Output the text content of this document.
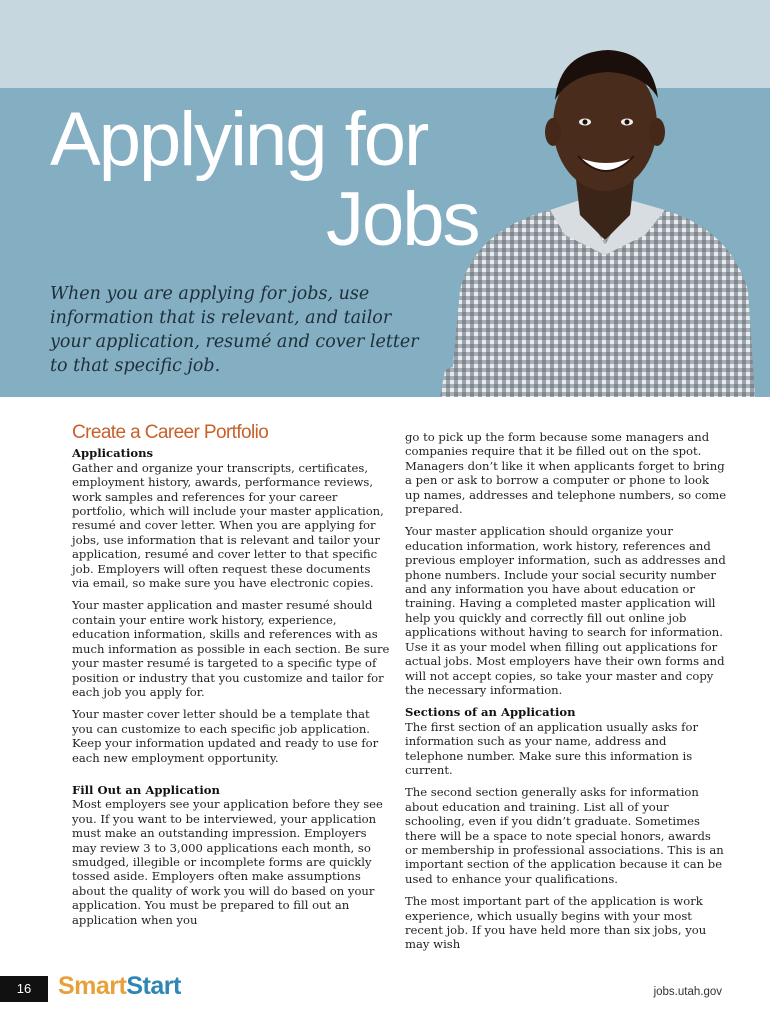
Applying for
Jobs
When you are applying for jobs, use information that is relevant, and tailor your application, resumé and cover letter to that specific job.
Create a Career Portfolio
Applications

Gather and organize your transcripts, certificates, employment history, awards, performance reviews, work samples and references for your career portfolio, which will include your master application, resumé and cover letter. When you are applying for jobs, use information that is relevant and tailor your application, resumé and cover letter to that specific job. Employers will often request these documents via email, so make sure you have electronic copies.

Your master application and master resumé should contain your entire work history, experience, education information, skills and references with as much information as possible in each section. Be sure your master resumé is targeted to a specific type of position or industry that you customize and tailor for each job you apply for.

Your master cover letter should be a template that you can customize to each specific job application. Keep your information updated and ready to use for each new employment opportunity.

Fill Out an Application

Most employers see your application before they see you. If you want to be interviewed, your application must make an outstanding impression. Employers may review 3 to 3,000 applications each month, so smudged, illegible or incomplete forms are quickly tossed aside. Employers often make assumptions about the quality of work you will do based on your application. You must be prepared to fill out an application when you

go to pick up the form because some managers and companies require that it be filled out on the spot. Managers don’t like it when applicants forget to bring a pen or ask to borrow a computer or phone to look up names, addresses and telephone numbers, so come prepared.

Your master application should organize your education information, work history, references and previous employer information, such as addresses and phone numbers. Include your social security number and any information you have about education or training. Having a completed master application will help you quickly and correctly fill out online job applications without having to search for information. Use it as your model when filling out applications for actual jobs. Most employers have their own forms and will not accept copies, so take your master and copy the necessary information.

Sections of an Application

The first section of an application usually asks for information such as your name, address and telephone number. Make sure this information is current.

The second section generally asks for information about education and training. List all of your schooling, even if you didn’t graduate. Sometimes there will be a space to note special honors, awards or membership in professional associations. This is an important section of the application because it can be used to enhance your qualifications.

The most important part of the application is work experience, which usually begins with your most recent job. If you have held more than six jobs, you may wish

16	SmartStart	jobs.utah.gov
